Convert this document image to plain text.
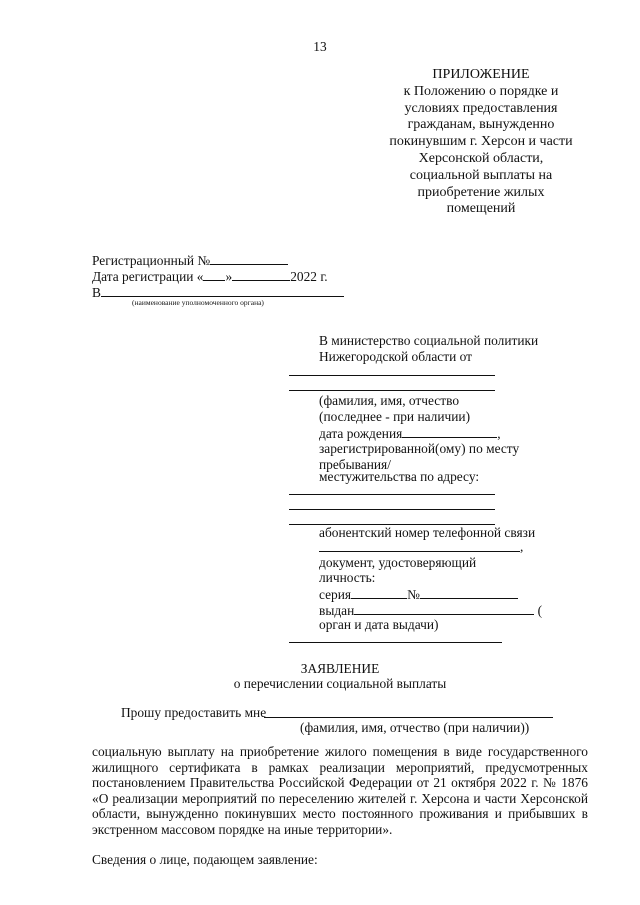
13
ПРИЛОЖЕНИЕ
к Положению о порядке и
условиях предоставления
гражданам, вынужденно
покинувшим г. Херсон и части
Херсонской области,
социальной выплаты на
приобретение жилых
помещений
Регистрационный №
Дата регистрации « »	2022 г.
В
(наименование уполномоченного органа)
В министерство социальной политики
Нижегородской области от
(фамилия, имя, отчество
(последнее - при наличии)
дата рождения	,
зарегистрированной(ому) по месту
пребывания/
местужительства по адресу:
абонентский номер телефонной связи
,
документ, удостоверяющий
личность:
серия	№
выдан	(
орган и дата выдачи)
ЗАЯВЛЕНИЕ
о перечислении социальной выплаты
Прошу предоставить мне
(фамилия, имя, отчество (при наличии))
социальную выплату на приобретение жилого помещения в виде государственного жилищного сертификата в рамках реализации мероприятий, предусмотренных постановлением Правительства Российской Федерации от 21 октября 2022 г. № 1876 «О реализации мероприятий по переселению жителей г. Херсона и части Херсонской области, вынужденно покинувших место постоянного проживания и прибывших в экстренном массовом порядке на иные территории».
Сведения о лице, подающем заявление:
